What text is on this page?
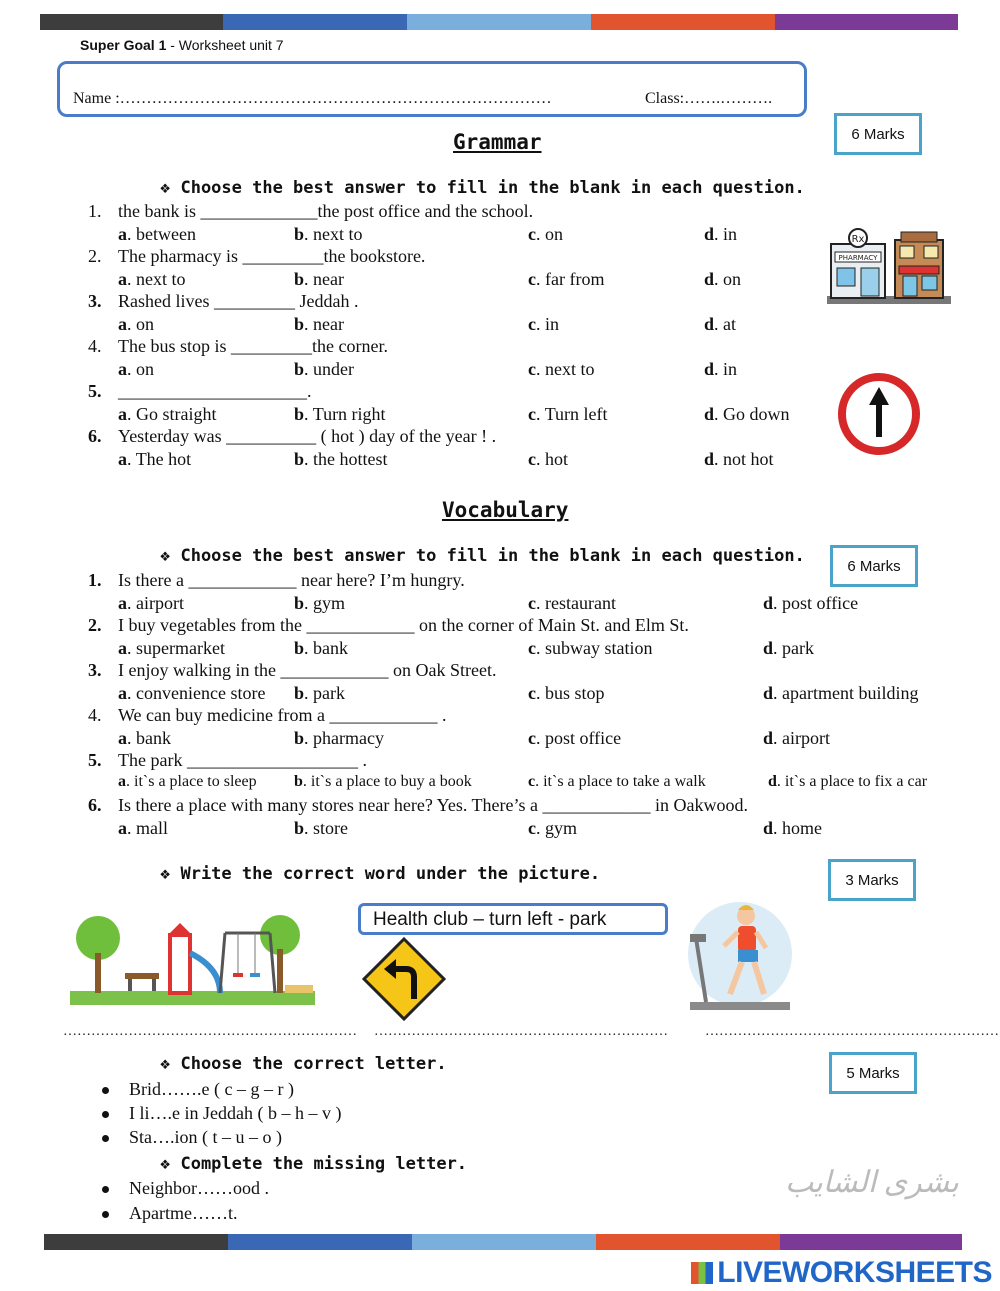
Super Goal 1 - Worksheet unit 7
Name :………………………………………………………………………	Class:…….……….
Grammar	6 Marks
❖ Choose the best answer to fill in the blank in each question.
1. the bank is _____________the post office and the school.
a. between	b. next to	c. on	d. in
2. The pharmacy is _________the bookstore.
a. next to	b. near	c. far from	d. on
3. Rashed lives _________ Jeddah .
a. on	b. near	c. in	d. at
4. The bus stop is _________the corner.
a. on	b. under	c. next to	d. in
5. _____________________.
a. Go straight	b. Turn right	c. Turn left	d. Go down
6. Yesterday was __________ ( hot ) day of the year ! .
a. The hot	b. the hottest	c. hot	d. not hot
PHARMACY
Rx
Vocabulary
6 Marks
❖ Choose the best answer to fill in the blank in each question.
1. Is there a ____________ near here? I’m hungry.
a. airport	b. gym	c. restaurant	d. post office
2. I buy vegetables from the ____________ on the corner of Main St. and Elm St.
a. supermarket	b. bank	c. subway station	d. park
3. I enjoy walking in the ____________ on Oak Street.
a. convenience store b. park	c. bus stop	d. apartment building
4. We can buy medicine from a ____________ .
a. bank	b. pharmacy	c. post office	d. airport
5. The park ___________________ .
a. it`s a place to sleep b. it`s a place to buy a book	c. it`s a place to take a walk	d. it`s a place to fix a car
6. Is there a place with many stores near here? Yes. There’s a ____________ in Oakwood.
a. mall	b. store	c. gym	d. home
❖ Write the correct word under the picture.	3 Marks
Health club – turn left - park
……………………………………………………… ………………………………………………………	………………………………………………………
❖ Choose the correct letter.	5 Marks
Brid…….e ( c – g – r )
I li….e in Jeddah ( b – h – v )
Sta….ion ( t – u – o )
❖ Complete the missing letter.
Neighbor……ood .
Apartme……t.
بشرى الشايب
LIVEWORKSHEETS
